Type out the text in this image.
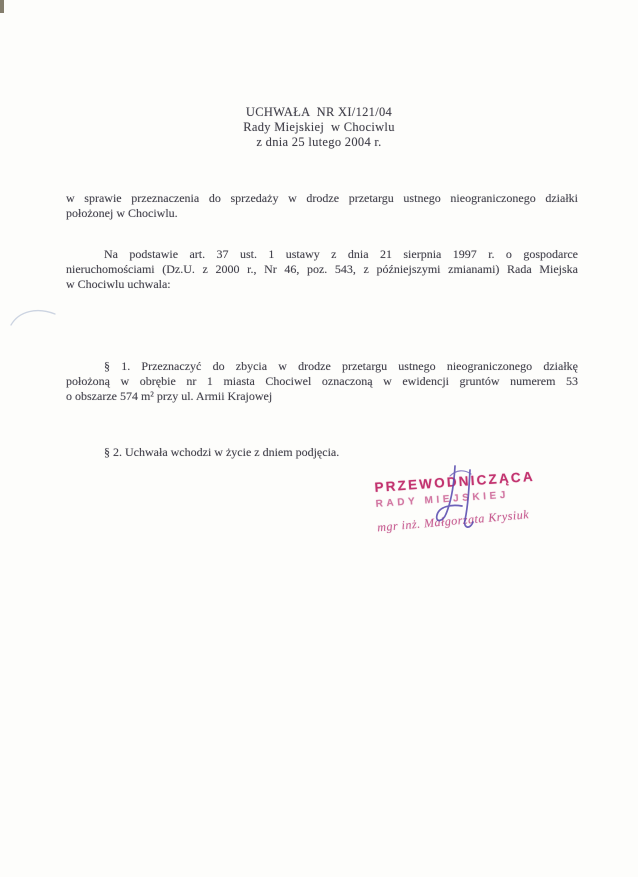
UCHWAŁA  NR XI/121/04
Rady Miejskiej  w Chociwlu
z dnia 25 lutego 2004 r.
w sprawie przeznaczenia do sprzedaży w drodze przetargu ustnego nieograniczonego działki
położonej w Chociwlu.
Na podstawie art. 37 ust. 1 ustawy z dnia 21 sierpnia 1997 r. o gospodarce
nieruchomościami (Dz.U. z 2000 r., Nr 46, poz. 543, z późniejszymi zmianami) Rada Miejska
w Chociwlu uchwala:
§ 1. Przeznaczyć do zbycia w drodze przetargu ustnego nieograniczonego działkę
położoną w obrębie nr 1 miasta Chociwel oznaczoną w ewidencji gruntów numerem 53
o obszarze 574 m² przy ul. Armii Krajowej
§ 2. Uchwała wchodzi w życie z dniem podjęcia.
PRZEWODNICZĄCA
RADY MIEJSKIEJ
mgr inż. Małgorzata Krysiuk
